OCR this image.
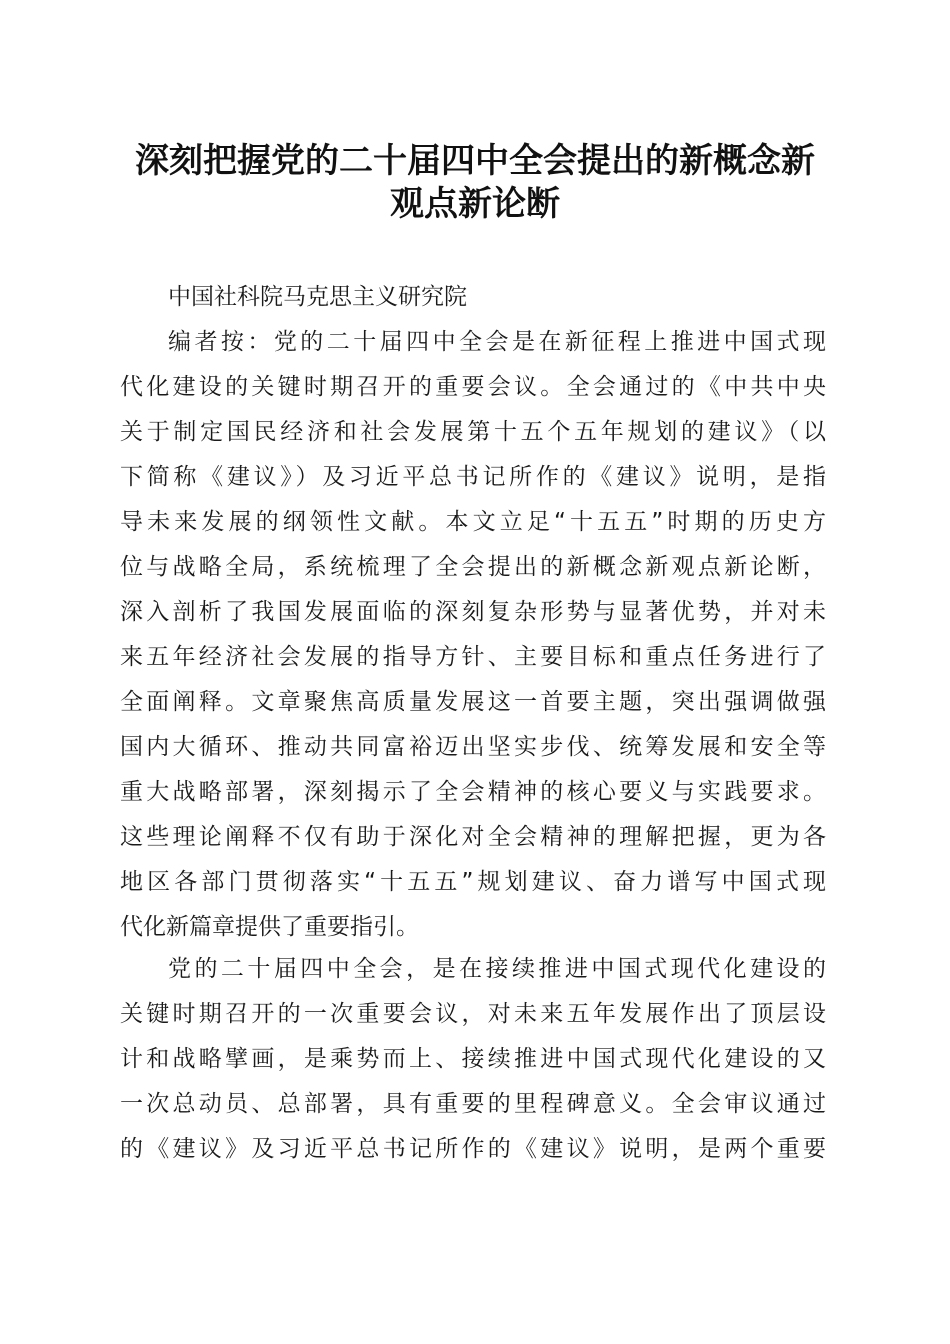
深刻把握党的二十届四中全会提出的新概念新
观点新论断
中国社科院马克思主义研究院
编者按：党的二十届四中全会是在新征程上推进中国式现
代化建设的关键时期召开的重要会议。全会通过的《中共中央
关于制定国民经济和社会发展第十五个五年规划的建议》（以
下简称《建议》）及习近平总书记所作的《建议》说明，是指
导未来发展的纲领性文献。本文立足“十五五”时期的历史方
位与战略全局，系统梳理了全会提出的新概念新观点新论断，
深入剖析了我国发展面临的深刻复杂形势与显著优势，并对未
来五年经济社会发展的指导方针、主要目标和重点任务进行了
全面阐释。文章聚焦高质量发展这一首要主题，突出强调做强
国内大循环、推动共同富裕迈出坚实步伐、统筹发展和安全等
重大战略部署，深刻揭示了全会精神的核心要义与实践要求。
这些理论阐释不仅有助于深化对全会精神的理解把握，更为各
地区各部门贯彻落实“十五五”规划建议、奋力谱写中国式现
代化新篇章提供了重要指引。
党的二十届四中全会，是在接续推进中国式现代化建设的
关键时期召开的一次重要会议，对未来五年发展作出了顶层设
计和战略擘画，是乘势而上、接续推进中国式现代化建设的又
一次总动员、总部署，具有重要的里程碑意义。全会审议通过
的《建议》及习近平总书记所作的《建议》说明，是两个重要
